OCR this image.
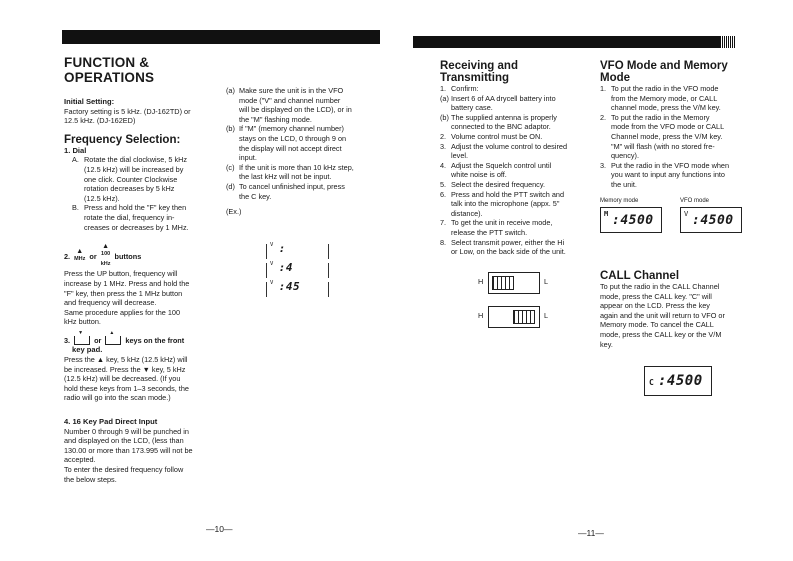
FUNCTION & OPERATIONS

Initial Setting:

Factory setting is 5 kHz. (DJ-162TD) or

12.5 kHz. (DJ-162ED)

Frequency Selection:

1. Dial

A. Rotate the dial clockwise, 5 kHz

(12.5 kHz) will be increased by

one click. Counter Clockwise

rotation decreases by 5 kHz

(12.5 kHz).

B. Press and hold the "F" key then

rotate the dial, frequency in-

creases or decreases by 1 MHz.

2.
▲
MHz or
▲
100
kHz
buttons

Press the UP button, frequency will

increase by 1 MHz. Press and hold the

"F" key, then press the 1 MHz button

and frequency will decrease.

Same procedure applies for the 100

kHz button.

3.
▼
or
▲
keys on the front

key pad.

Press the ▲ key, 5 kHz (12.5 kHz) will

be increased. Press the ▼ key, 5 kHz

(12.5 kHz) will be decreased. (If you

hold these keys from 1–3 seconds, the

radio will go into the scan mode.)

4. 16 Key Pad Direct Input

Number 0 through 9 will be punched in

and displayed on the LCD, (less than

130.00 or more than 173.995 will not be

accepted.

To enter the desired frequency follow

the below steps.

(a) Make sure the unit is in the VFO

mode ("V" and channel number

will be displayed on the LCD), or in

the "M" flashing mode.

(b) If "M" (memory channel number)

stays on the LCD, 0 through 9 on

the display will not accept direct

input.

(c) If the unit is more than 10 kHz step,

the last kHz will not be input.

(d) To cancel unfinished input, press

the C key.

(Ex.)

$^V$ :
$^V$ :4
$^V$ :45
—10—
Receiving and Transmitting
1. Confirm:

(a) Insert 6 of AA drycell battery into

battery case.

(b) The supplied antenna is properly

connected to the BNC adaptor.

2. Volume control must be ON.

3. Adjust the volume control to desired

level.

4. Adjust the Squelch control until

white noise is off.

5. Select the desired frequency.

6. Press and hold the PTT switch and

talk into the microphone (appx. 5"

distance).

7. To get the unit in receive mode,

release the PTT switch.

8. Select transmit power, either the Hi

or Low, on the back side of the unit.

H	L
H	L
—11—
VFO Mode and Memory Mode
1. To put the radio in the VFO mode

from the Memory mode, or CALL

channel mode, press the V/M key.

2. To put the radio in the Memory

mode from the VFO mode or CALL

Channel mode, press the V/M key.

"M" will flash (with no stored fre-

quency).

3. Put the radio in the VFO mode when

you want to input any functions into

the unit.

Memory mode	VFO mode
M :4500	V :4500
CALL Channel

To put the radio in the CALL Channel

mode, press the CALL key. "C" will

appear on the LCD. Press the key

again and the unit will return to VFO or

Memory mode. To cancel the CALL

mode, press the CALL key or the V/M

key.

C :4500
